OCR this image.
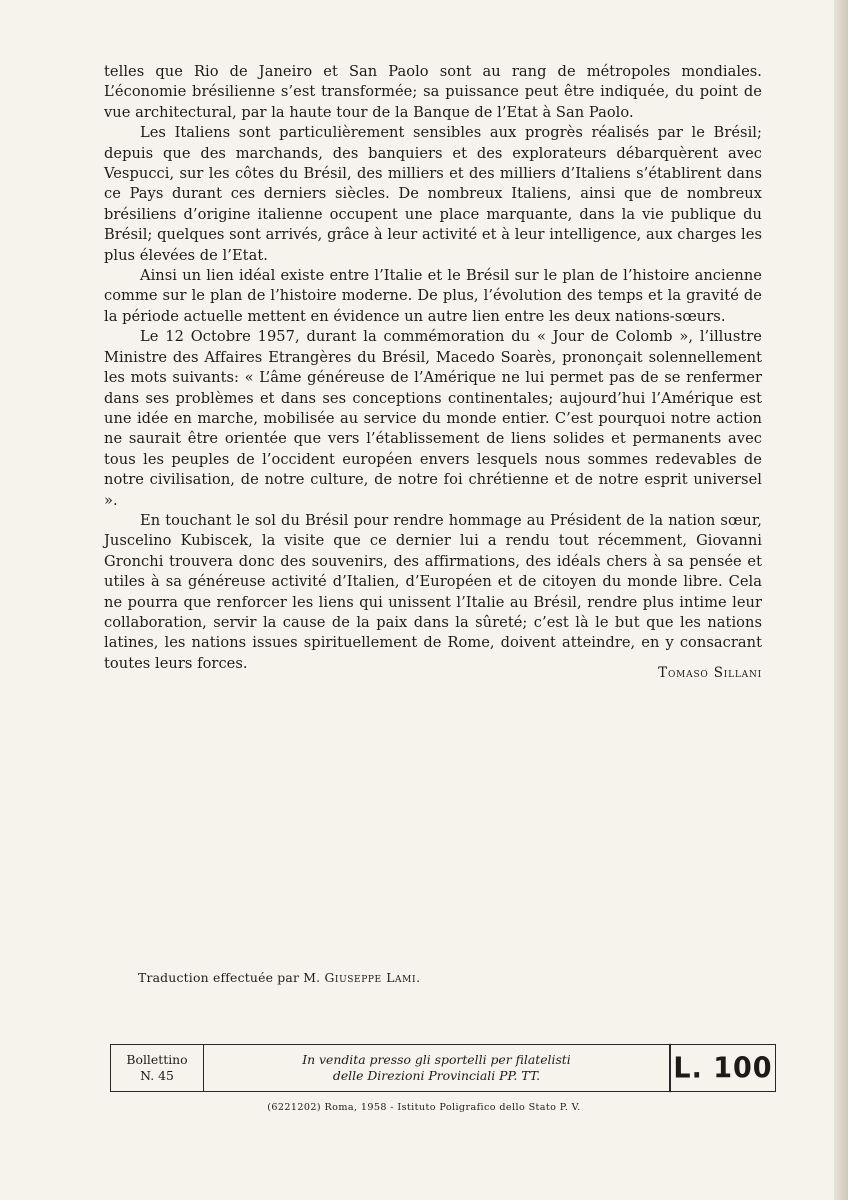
telles que Rio de Janeiro et San Paolo sont au rang de métropoles mondiales. L’économie brésilienne s’est transformée; sa puissance peut être indiquée, du point de vue architectural, par la haute tour de la Banque de l’Etat à San Paolo.

Les Italiens sont particulièrement sensibles aux progrès réalisés par le Brésil; depuis que des marchands, des banquiers et des explorateurs débarquèrent avec Vespucci, sur les côtes du Brésil, des milliers et des milliers d’Italiens s’établirent dans ce Pays durant ces derniers siècles. De nombreux Italiens, ainsi que de nombreux brésiliens d’origine italienne occupent une place marquante, dans la vie publique du Brésil; quelques sont arrivés, grâce à leur activité et à leur intelligence, aux charges les plus élevées de l’Etat.

Ainsi un lien idéal existe entre l’Italie et le Brésil sur le plan de l’histoire ancienne comme sur le plan de l’histoire moderne. De plus, l’évolution des temps et la gravité de la période actuelle mettent en évidence un autre lien entre les deux nations-sœurs.

Le 12 Octobre 1957, durant la commémoration du « Jour de Colomb », l’illustre Ministre des Affaires Etrangères du Brésil, Macedo Soarès, prononçait solennellement les mots suivants: « L’âme généreuse de l’Amérique ne lui permet pas de se renfermer dans ses problèmes et dans ses conceptions continentales; aujourd’hui l’Amérique est une idée en marche, mobilisée au service du monde entier. C’est pourquoi notre action ne saurait être orientée que vers l’établissement de liens solides et permanents avec tous les peuples de l’occident européen envers lesquels nous sommes redevables de notre civilisation, de notre culture, de notre foi chrétienne et de notre esprit universel ».

En touchant le sol du Brésil pour rendre hommage au Président de la nation sœur, Juscelino Kubiscek, la visite que ce dernier lui a rendu tout récemment, Giovanni Gronchi trouvera donc des souvenirs, des affirmations, des idéals chers à sa pensée et utiles à sa généreuse activité d’Italien, d’Européen et de citoyen du monde libre. Cela ne pourra que renforcer les liens qui unissent l’Italie au Brésil, rendre plus intime leur collaboration, servir la cause de la paix dans la sûreté; c’est là le but que les nations latines, les nations issues spirituellement de Rome, doivent atteindre, en y consacrant toutes leurs forces.

Tomaso Sillani
Traduction effectuée par M. Giuseppe Lami.
Bollettino
N. 45
In vendita presso gli sportelli per filatelisti
delle Direzioni Provinciali PP. TT.	L. 100
(6221202) Roma, 1958 - Istituto Poligrafico dello Stato P. V.
